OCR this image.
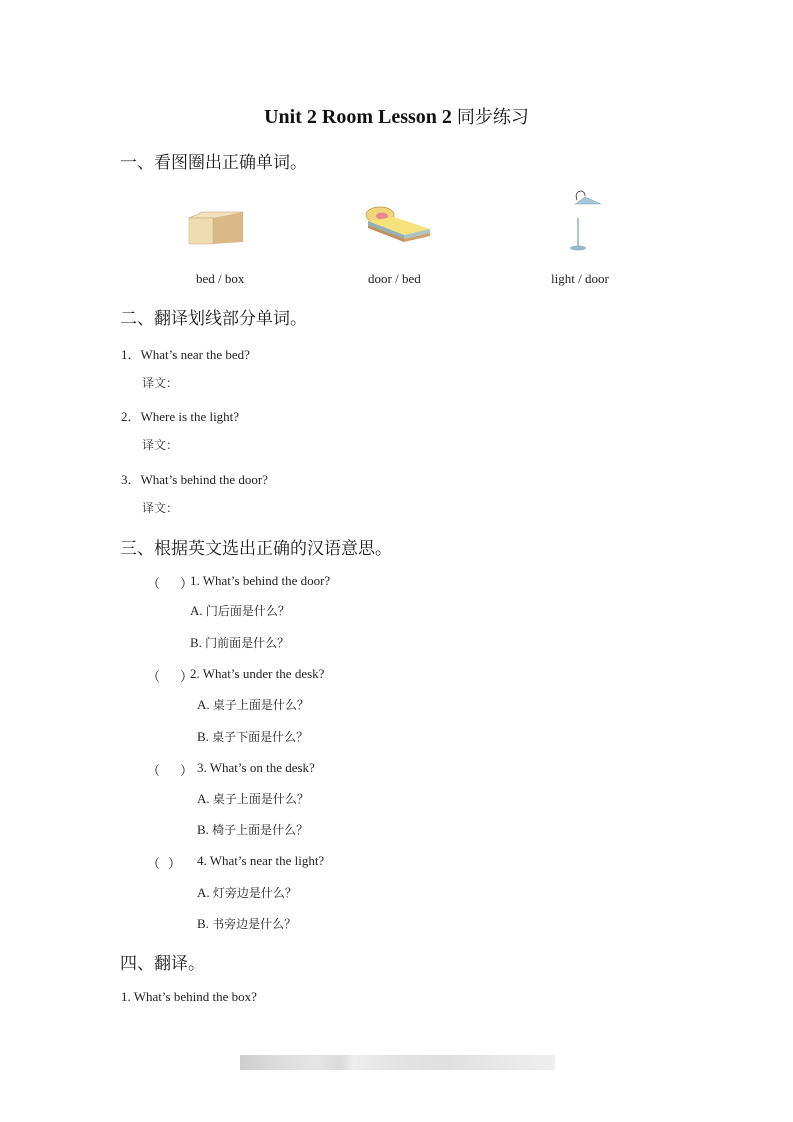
Unit 2 Room Lesson 2 同步练习
一、看图圈出正确单词。
bed / box	door / bed	light / door
二、翻译划线部分单词。
1．What’s near the bed?
译文：
2．Where is the light?
译文：
3．What’s behind the door?
译文：
三、根据英文选出正确的汉语意思。
（ ）
1. What’s behind the door?
A. 门后面是什么？
B. 门前面是什么？
（ ）
2. What’s under the desk?
A. 桌子上面是什么？
B. 桌子下面是什么？
（ ） 3. What’s on the desk?
A. 桌子上面是什么？
B. 椅子上面是什么？
（ ） 4. What’s near the light?
A. 灯旁边是什么？
B. 书旁边是什么？
四、翻译。
1. What’s behind the box?
